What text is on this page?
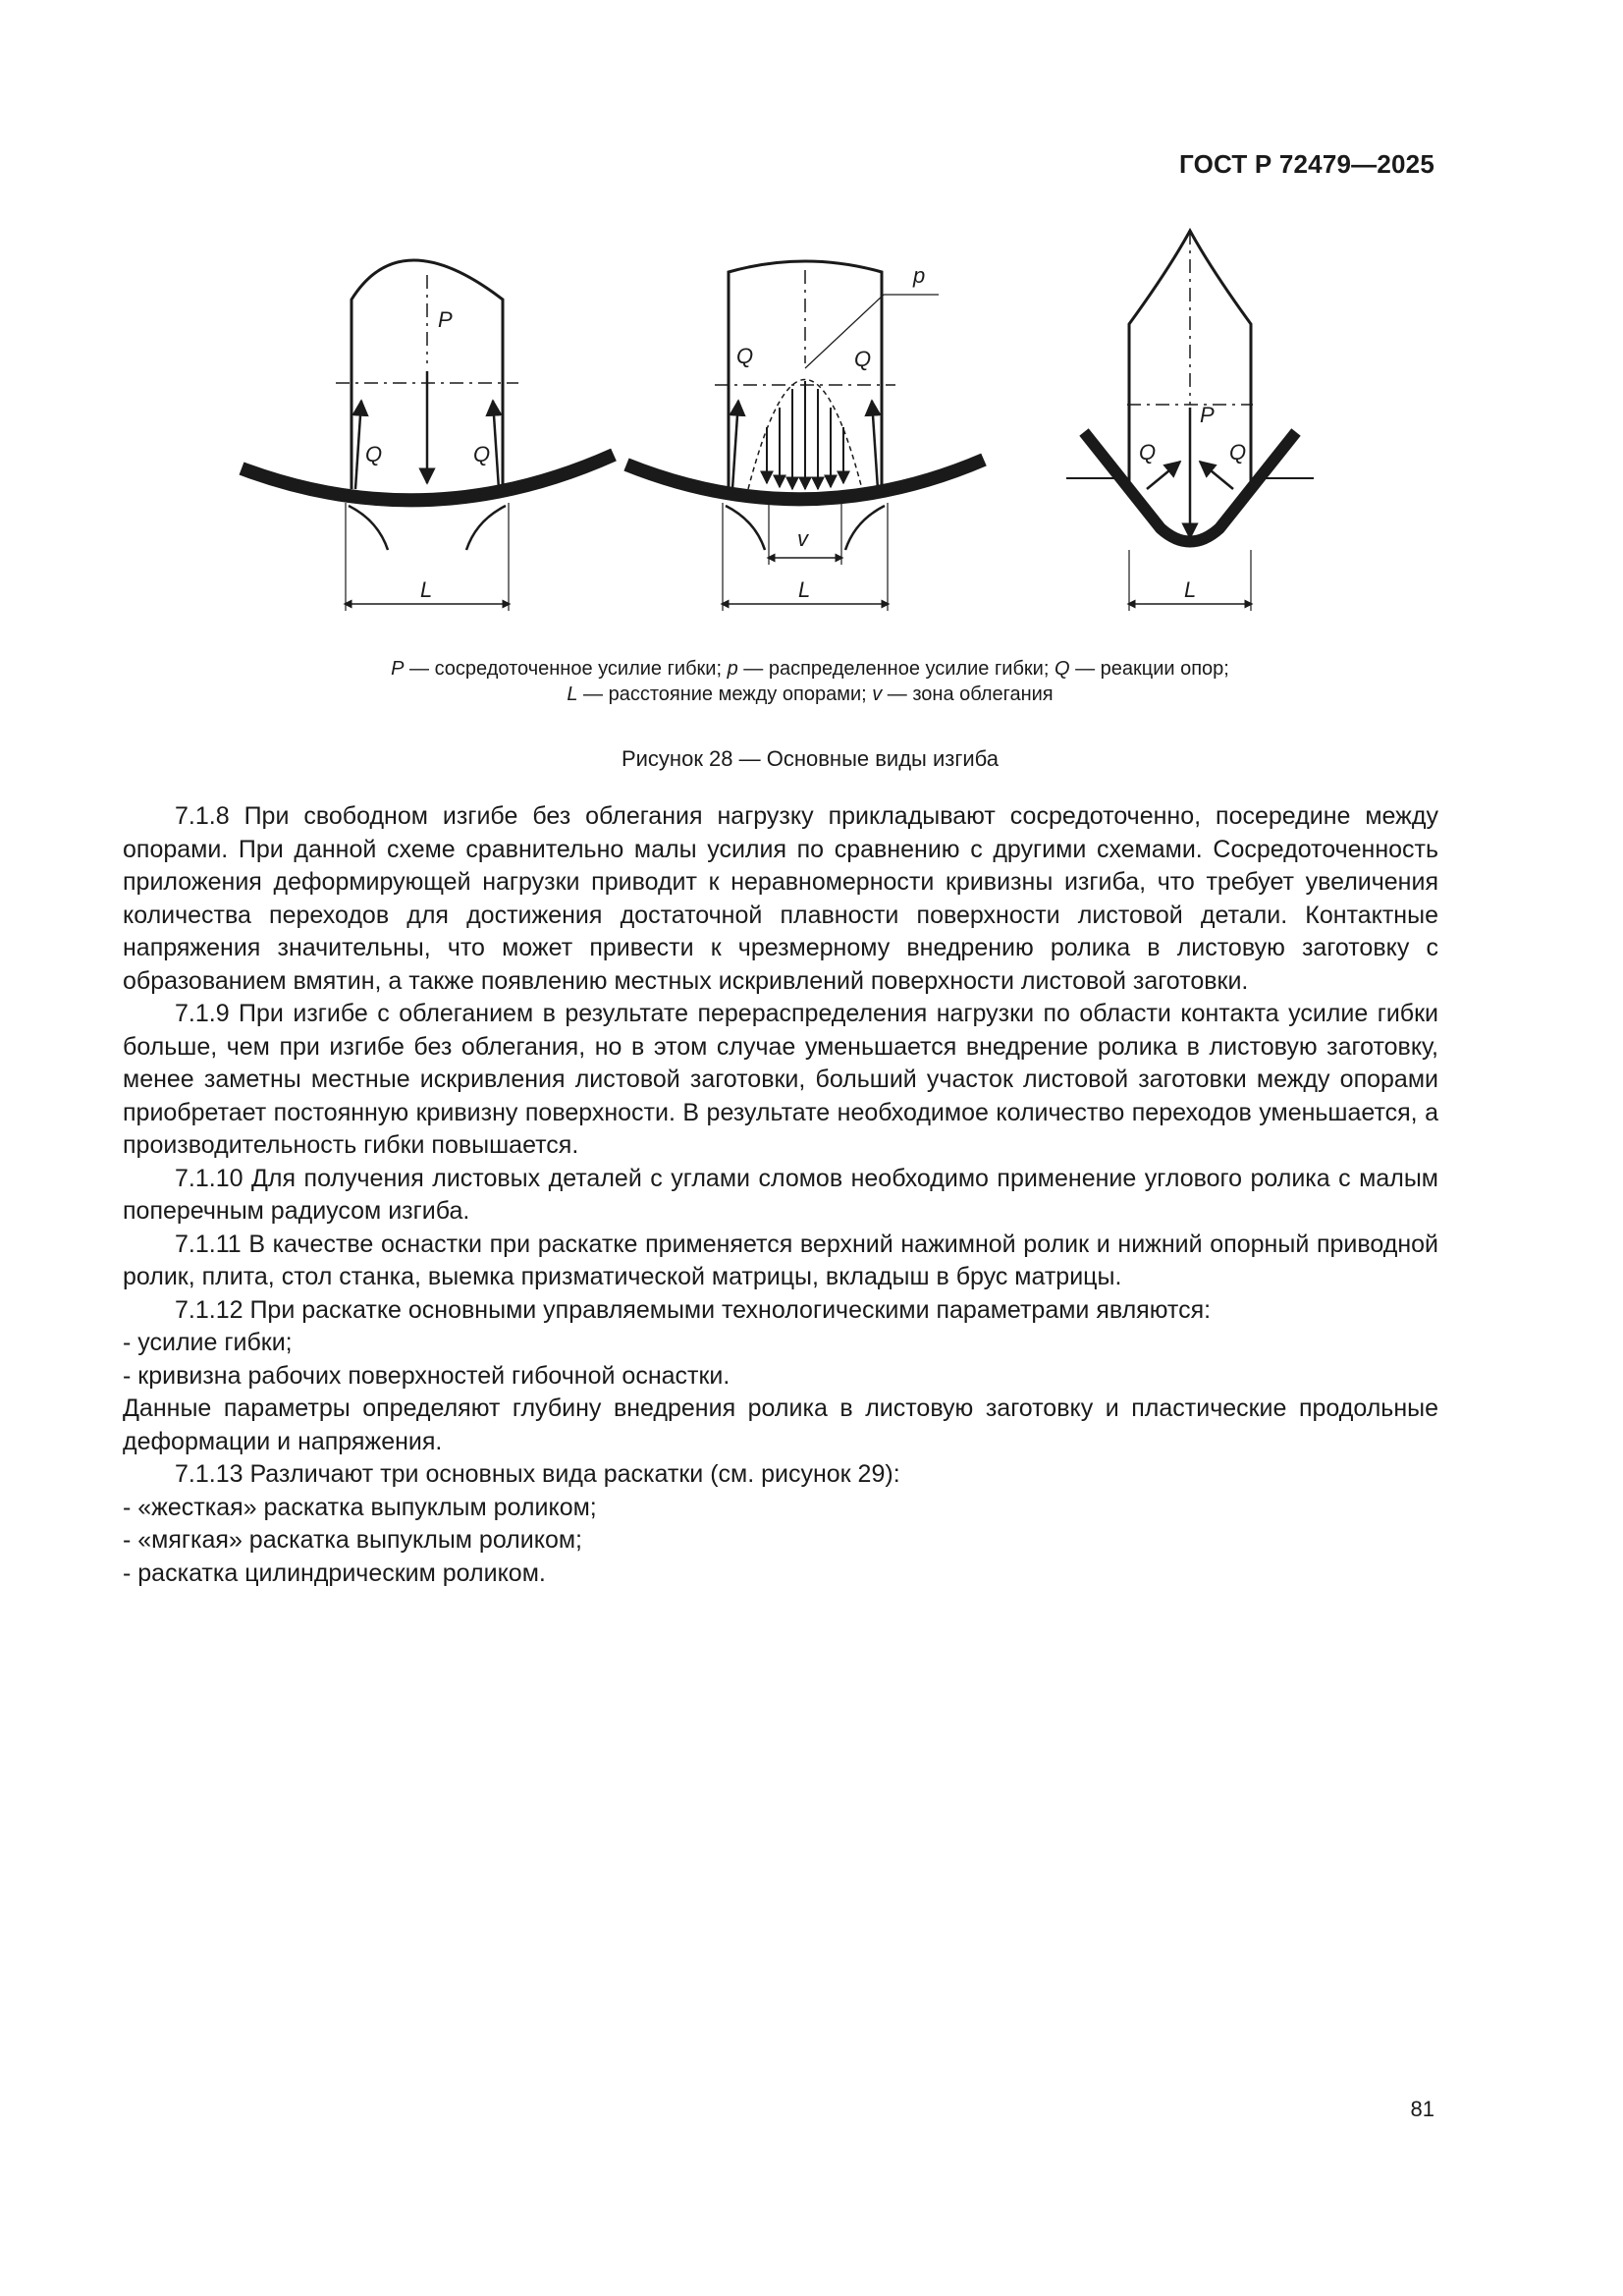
ГОСТ Р 72479—2025
P
Q	Q
L
p
Q	Q
v
L
P
Q	Q
L
P — сосредоточенное усилие гибки; p — распределенное усилие гибки; Q — реакции опор;
L — расстояние между опорами; v — зона облегания
Рисунок 28 — Основные виды изгиба

7.1.8 При свободном изгибе без облегания нагрузку прикладывают сосредоточенно, посередине между опорами. При данной схеме сравнительно малы усилия по сравнению с другими схемами. Сосредоточенность приложения деформирующей нагрузки приводит к неравномерности кривизны изгиба, что требует увеличения количества переходов для достижения достаточной плавности поверхности листовой детали. Контактные напряжения значительны, что может привести к чрезмерному внедрению ролика в листовую заготовку с образованием вмятин, а также появлению местных искривлений поверхности листовой заготовки.

7.1.9 При изгибе с облеганием в результате перераспределения нагрузки по области контакта усилие гибки больше, чем при изгибе без облегания, но в этом случае уменьшается внедрение ролика в листовую заготовку, менее заметны местные искривления листовой заготовки, больший участок листовой заготовки между опорами приобретает постоянную кривизну поверхности. В результате необходимое количество переходов уменьшается, а производительность гибки повышается.

7.1.10 Для получения листовых деталей с углами сломов необходимо применение углового ролика с малым поперечным радиусом изгиба.

7.1.11 В качестве оснастки при раскатке применяется верхний нажимной ролик и нижний опорный приводной ролик, плита, стол станка, выемка призматической матрицы, вкладыш в брус матрицы.

7.1.12 При раскатке основными управляемыми технологическими параметрами являются:

- усилие гибки;

- кривизна рабочих поверхностей гибочной оснастки.

Данные параметры определяют глубину внедрения ролика в листовую заготовку и пластические продольные деформации и напряжения.

7.1.13 Различают три основных вида раскатки (см. рисунок 29):

- «жесткая» раскатка выпуклым роликом;

- «мягкая» раскатка выпуклым роликом;

- раскатка цилиндрическим роликом.

81
